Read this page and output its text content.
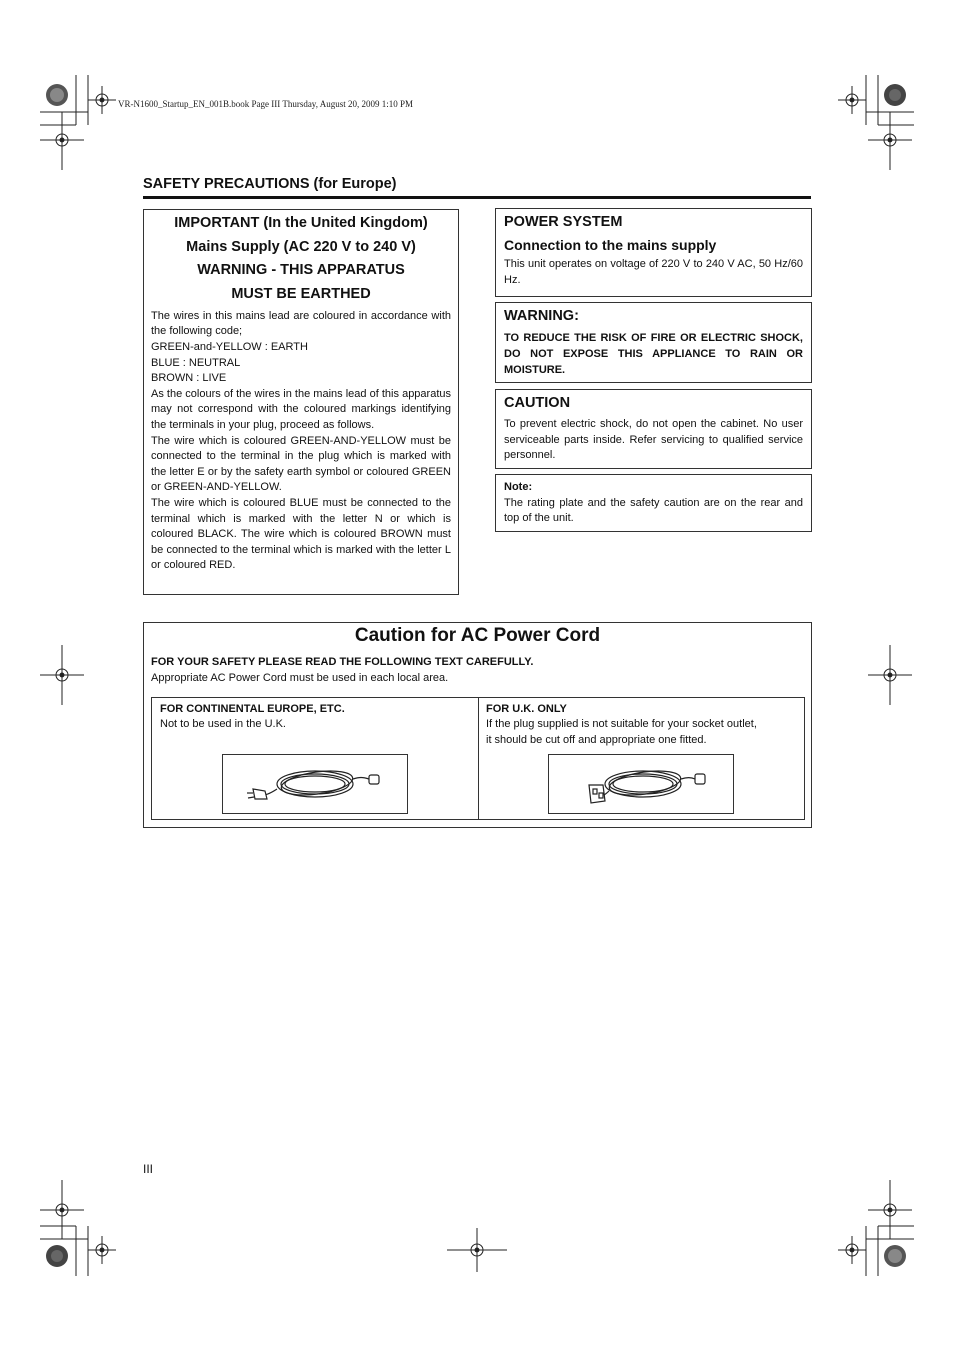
VR-N1600_Startup_EN_001B.book Page III Thursday, August 20, 2009 1:10 PM
SAFETY PRECAUTIONS (for Europe)
IMPORTANT (In the United Kingdom)
Mains Supply (AC 220 V to 240 V)
WARNING - THIS APPARATUS
MUST BE EARTHED

The wires in this mains lead are coloured in accordance with the following code;

GREEN-and-YELLOW : EARTH

BLUE : NEUTRAL

BROWN : LIVE

As the colours of the wires in the mains lead of this apparatus may not correspond with the coloured markings identifying the terminals in your plug, proceed as follows.

The wire which is coloured GREEN-AND-YELLOW must be connected to the terminal in the plug which is marked with the letter E or by the safety earth symbol or coloured GREEN or GREEN-AND-YELLOW.

The wire which is coloured BLUE must be connected to the terminal which is marked with the letter N or which is coloured BLACK. The wire which is coloured BROWN must be connected to the terminal which is marked with the letter L or coloured RED.

POWER SYSTEM

Connection to the mains supply

This unit operates on voltage of 220 V to 240 V AC, 50 Hz/60 Hz.

WARNING:

TO REDUCE THE RISK OF FIRE OR ELECTRIC SHOCK, DO NOT EXPOSE THIS APPLIANCE TO RAIN OR MOISTURE.

CAUTION

To prevent electric shock, do not open the cabinet. No user serviceable parts inside. Refer servicing to qualified service personnel.

Note:

The rating plate and the safety caution are on the rear and top of the unit.

Caution for AC Power Cord

FOR YOUR SAFETY PLEASE READ THE FOLLOWING TEXT CAREFULLY.

Appropriate AC Power Cord must be used in each local area.

FOR CONTINENTAL EUROPE, ETC.

Not to be used in the U.K.

FOR U.K. ONLY

If the plug supplied is not suitable for your socket outlet,

it should be cut off and appropriate one fitted.

III
